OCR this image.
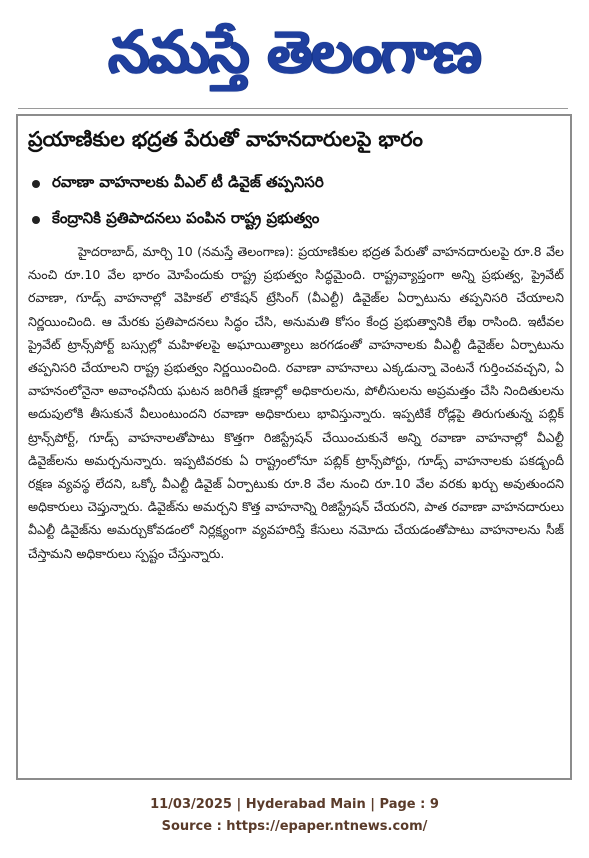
నమస్తే తెలంగాణ
ప్రయాణికుల భద్రత పేరుతో వాహనదారులపై భారం
రవాణా వాహనాలకు వీఎల్ టీ డివైజ్ తప్పనిసరి
కేంద్రానికి ప్రతిపాదనలు పంపిన రాష్ట్ర ప్రభుత్వం

హైదరాబాద్, మార్చి 10 (నమస్తే తెలంగాణ): ప్రయాణికుల భద్రత పేరుతో వాహనదారులపై రూ.8 వేల నుంచి రూ.10 వేల భారం మోపేందుకు రాష్ట్ర ప్రభుత్వం సిద్ధమైంది. రాష్ట్రవ్యాప్తంగా అన్ని ప్రభుత్వ, ప్రైవేట్ రవాణా, గూడ్స్ వాహనాల్లో వెహికల్ లొకేషన్ ట్రేసింగ్ (వీఎల్టీ) డివైజ్‌ల ఏర్పాటును తప్పనిసరి చేయాలని నిర్ణయించింది. ఆ మేరకు ప్రతిపాదనలు సిద్ధం చేసి, అనుమతి కోసం కేంద్ర ప్రభుత్వానికి లేఖ రాసింది. ఇటీవల ప్రైవేట్ ట్రాన్స్‌పోర్ట్ బస్సుల్లో మహిళలపై అఘాయిత్యాలు జరగడంతో వాహనాలకు వీఎల్టీ డివైజ్‌ల ఏర్పాటును తప్పనిసరి చేయాలని రాష్ట్ర ప్రభుత్వం నిర్ణయించింది. రవాణా వాహనాలు ఎక్కడున్నా వెంటనే గుర్తించవచ్చని, ఏ వాహనంలోనైనా అవాంఛనీయ ఘటన జరిగితే క్షణాల్లో అధికారులను, పోలీసులను అప్రమత్తం చేసి నిందితులను అదుపులోకి తీసుకునే వీలుంటుందని రవాణా అధికారులు భావిస్తున్నారు. ఇప్పటికే రోడ్లపై తిరుగుతున్న పబ్లిక్ ట్రాన్స్‌పోర్ట్, గూడ్స్ వాహనాలతోపాటు కొత్తగా రిజిస్ట్రేషన్ చేయించుకునే అన్ని రవాణా వాహనాల్లో వీఎల్టీ డివైజ్‌లను అమర్చనున్నారు. ఇప్పటివరకు ఏ రాష్ట్రంలోనూ పబ్లిక్ ట్రాన్స్‌పోర్టు, గూడ్స్ వాహనాలకు పకడ్బందీ రక్షణ వ్యవస్థ లేదని, ఒక్కో వీఎల్టీ డివైజ్ ఏర్పాటుకు రూ.8 వేల నుంచి రూ.10 వేల వరకు ఖర్చు అవుతుందని అధికారులు చెప్తున్నారు. డివైజ్‌ను అమర్చని కొత్త వాహనాన్ని రిజిస్ట్రేషన్ చేయరని, పాత రవాణా వాహనదారులు వీఎల్టీ డివైజ్‌ను అమర్చుకోవడంలో నిర్లక్ష్యంగా వ్యవహరిస్తే కేసులు నమోదు చేయడంతోపాటు వాహనాలను సీజ్ చేస్తామని అధికారులు స్పష్టం చేస్తున్నారు.

11/03/2025 | Hyderabad Main | Page : 9
Source : https://epaper.ntnews.com/
